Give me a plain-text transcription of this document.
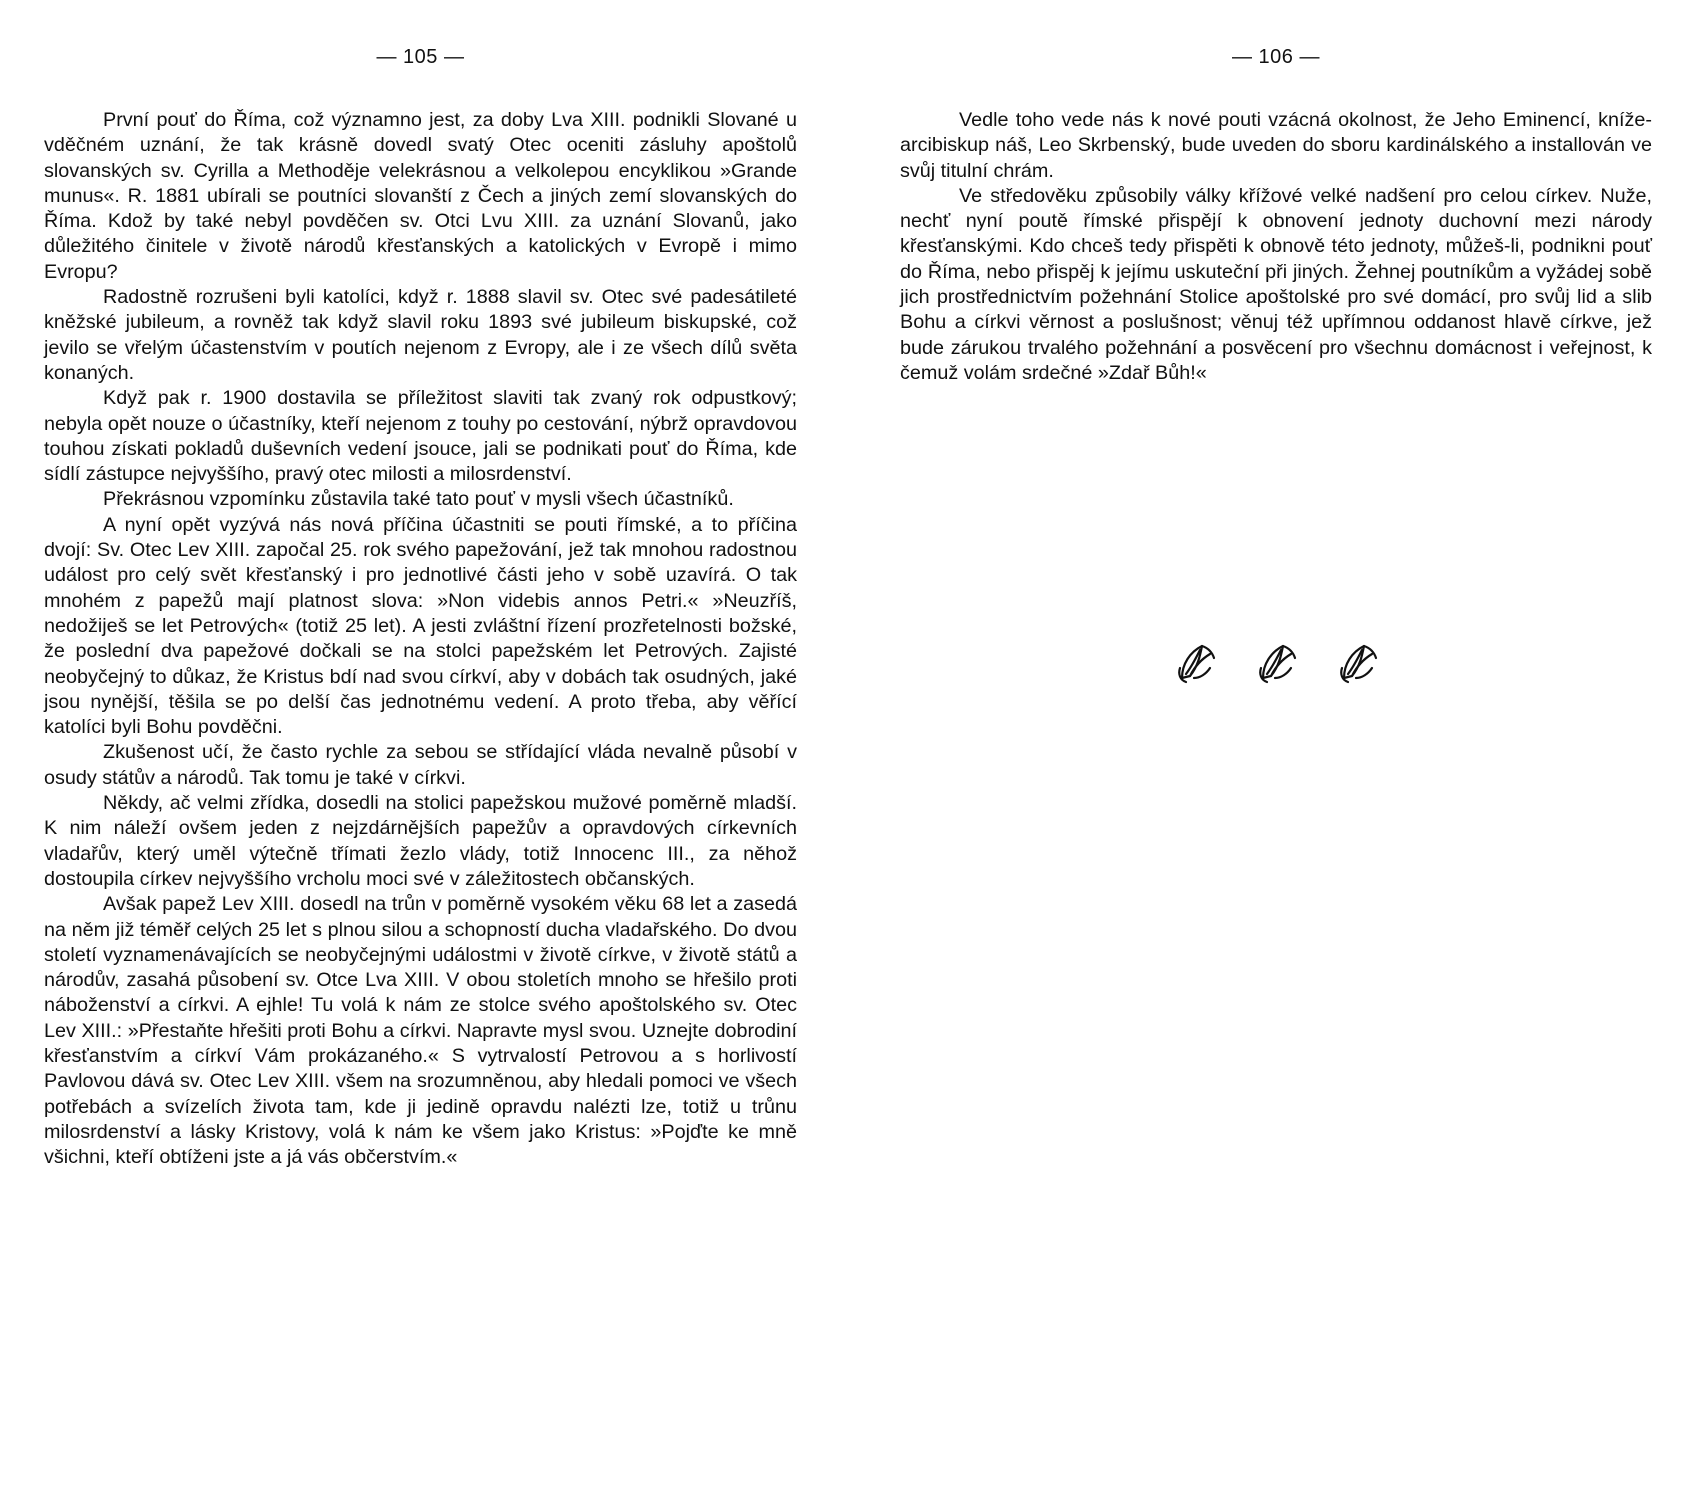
— 105 —

První pouť do Říma, což významno jest, za doby Lva XIII. podnikli Slované u vděčném uznání, že tak krásně dovedl svatý Otec oceniti zásluhy apoštolů slovanských sv. Cyrilla a Methoděje velekrásnou a velkolepou encyklikou »Grande munus«. R. 1881 ubírali se poutníci slovanští z Čech a jiných zemí slovanských do Říma. Kdož by také nebyl povděčen sv. Otci Lvu XIII. za uznání Slovanů, jako důležitého činitele v životě národů křesťanských a katolických v Evropě i mimo Evropu?

Radostně rozrušeni byli katolíci, když r. 1888 slavil sv. Otec své padesátileté kněžské jubileum, a rovněž tak když slavil roku 1893 své jubileum biskupské, což jevilo se vřelým účastenstvím v poutích nejenom z Evropy, ale i ze všech dílů světa konaných.

Když pak r. 1900 dostavila se příležitost slaviti tak zvaný rok odpustkový; nebyla opět nouze o účastníky, kteří nejenom z touhy po cestování, nýbrž opravdovou touhou získati pokladů duševních vedení jsouce, jali se podnikati pouť do Říma, kde sídlí zástupce nejvyššího, pravý otec milosti a milosrdenství.

Překrásnou vzpomínku zůstavila také tato pouť v mysli všech účastníků.

A nyní opět vyzývá nás nová příčina účastniti se pouti římské, a to příčina dvojí: Sv. Otec Lev XIII. započal 25. rok svého papežování, jež tak mnohou radostnou událost pro celý svět křesťanský i pro jednotlivé části jeho v sobě uzavírá. O tak mnohém z papežů mají platnost slova: »Non videbis annos Petri.« »Neuzříš, nedožiješ se let Petrových« (totiž 25 let). A jesti zvláštní řízení prozřetelnosti božské, že poslední dva papežové dočkali se na stolci papežském let Petrových. Zajisté neobyčejný to důkaz, že Kristus bdí nad svou církví, aby v dobách tak osudných, jaké jsou nynější, těšila se po delší čas jednotnému vedení. A proto třeba, aby věřící katolíci byli Bohu povděčni.

Zkušenost učí, že často rychle za sebou se střídající vláda nevalně působí v osudy státův a národů. Tak tomu je také v církvi.

Někdy, ač velmi zřídka, dosedli na stolici papežskou mužové poměrně mladší. K nim náleží ovšem jeden z nejzdárnějších papežův a opravdových církevních vladařův, který uměl výtečně třímati žezlo vlády, totiž Innocenc III., za něhož dostoupila církev nejvyššího vrcholu moci své v záležitostech občanských.

Avšak papež Lev XIII. dosedl na trůn v poměrně vysokém věku 68 let a zasedá na něm již téměř celých 25 let s plnou silou a schopností ducha vladařského. Do dvou století vyznamenávajících se neobyčejnými událostmi v životě církve, v životě států a národův, zasahá působení sv. Otce Lva XIII. V obou stoletích mnoho se hřešilo proti náboženství a církvi. A ejhle! Tu volá k nám ze stolce svého apoštolského sv. Otec Lev XIII.: »Přestaňte hřešiti proti Bohu a církvi. Napravte mysl svou. Uznejte dobrodiní křesťanstvím a církví Vám prokázaného.« S vytrvalostí Petrovou a s horlivostí Pavlovou dává sv. Otec Lev XIII. všem na srozumněnou, aby hledali pomoci ve všech potřebách a svízelích života tam, kde ji jedině opravdu nalézti lze, totiž u trůnu milosrdenství a lásky Kristovy, volá k nám ke všem jako Kristus: »Pojďte ke mně všichni, kteří obtíženi jste a já vás občerstvím.«

— 106 —

Vedle toho vede nás k nové pouti vzácná okolnost, že Jeho Eminencí, kníže-arcibiskup náš, Leo Skrbenský, bude uveden do sboru kardinálského a installován ve svůj titulní chrám.

Ve středověku způsobily války křížové velké nadšení pro celou církev. Nuže, nechť nyní poutě římské přispějí k obnovení jednoty duchovní mezi národy křesťanskými. Kdo chceš tedy přispěti k obnově této jednoty, můžeš-li, podnikni pouť do Říma, nebo přispěj k jejímu uskuteční při jiných. Žehnej poutníkům a vyžádej sobě jich prostřednictvím požehnání Stolice apoštolské pro své domácí, pro svůj lid a slib Bohu a církvi věrnost a poslušnost; věnuj též upřímnou oddanost hlavě církve, jež bude zárukou trvalého požehnání a posvěcení pro všechnu domácnost i veřejnost, k čemuž volám srdečné »Zdař Bůh!«
